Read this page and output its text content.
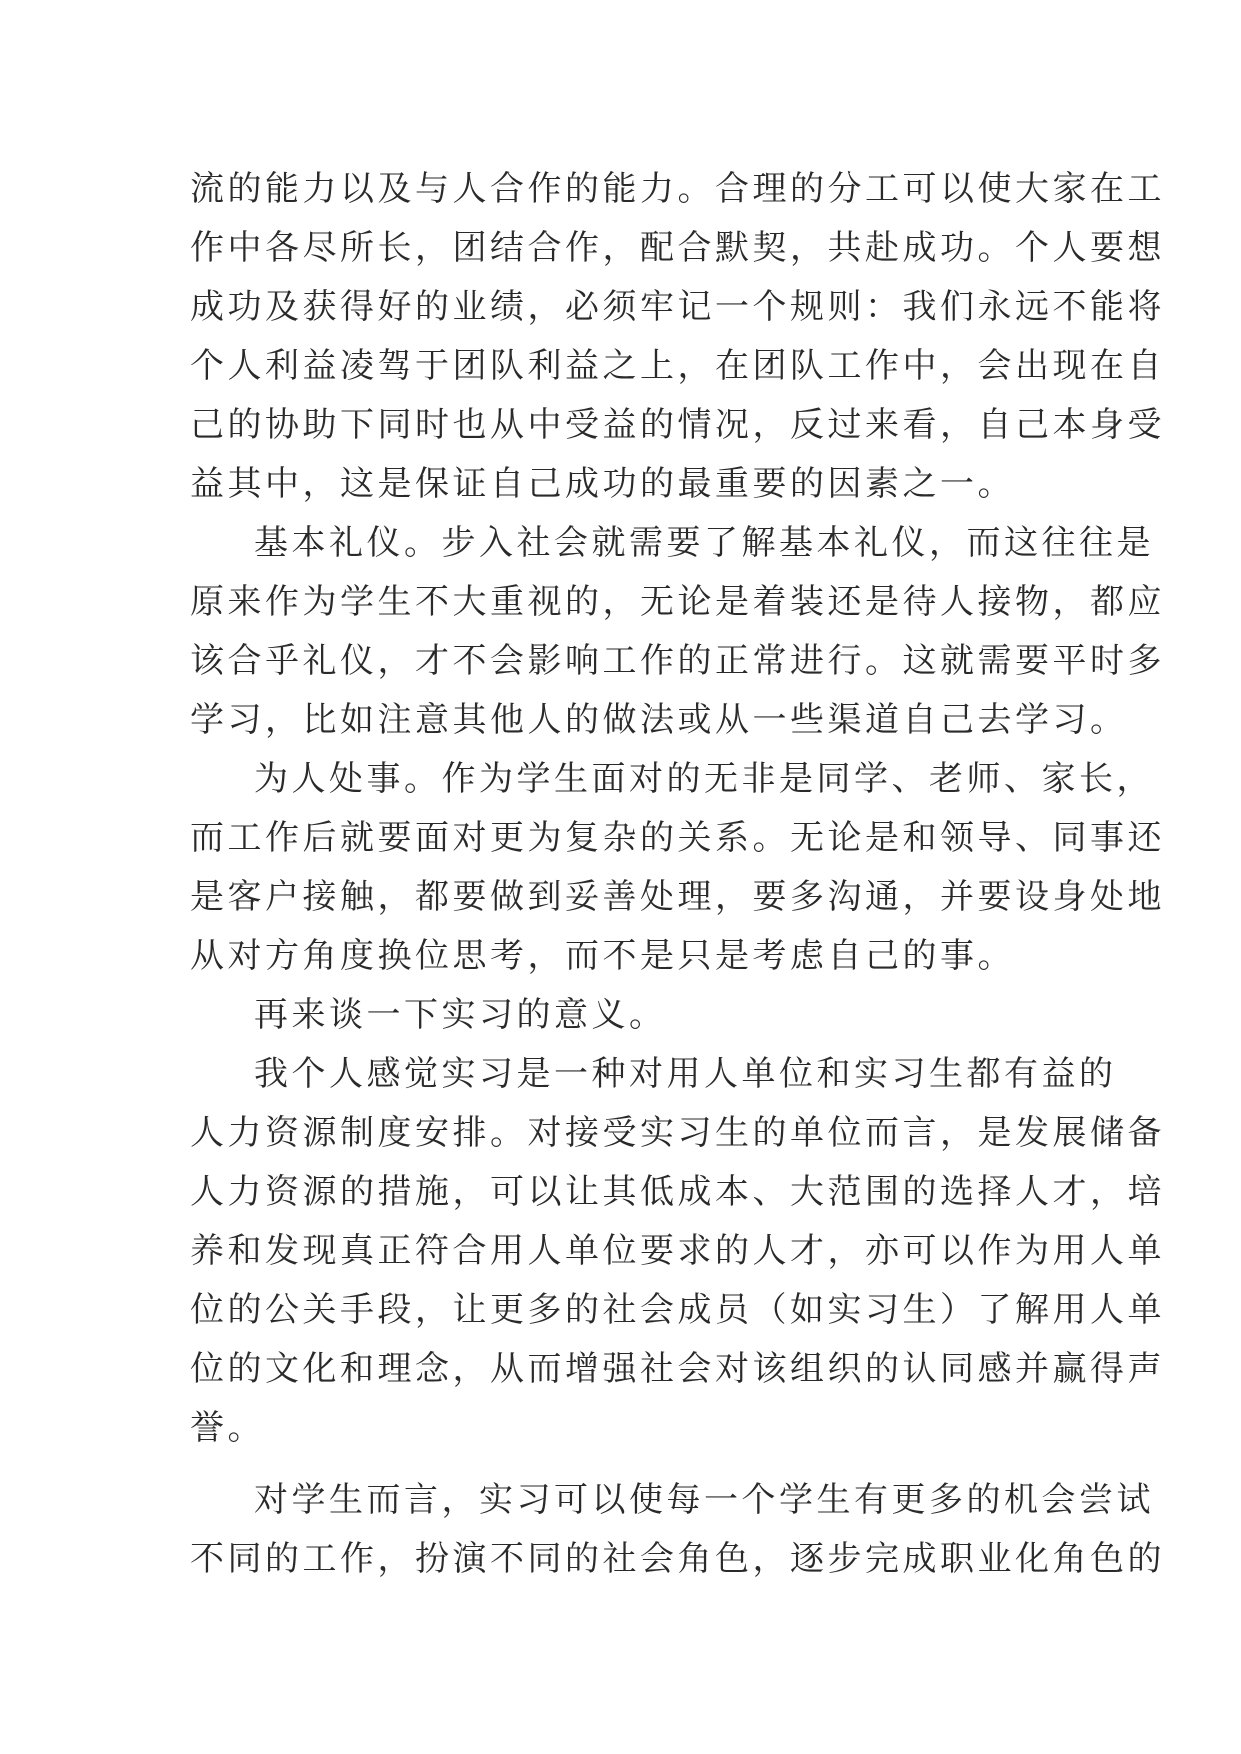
流的能力以及与人合作的能力。合理的分工可以使大家在工
作中各尽所长，团结合作，配合默契，共赴成功。个人要想
成功及获得好的业绩，必须牢记一个规则：我们永远不能将
个人利益凌驾于团队利益之上，在团队工作中，会出现在自
己的协助下同时也从中受益的情况，反过来看，自己本身受
益其中，这是保证自己成功的最重要的因素之一。
基本礼仪。步入社会就需要了解基本礼仪，而这往往是
原来作为学生不大重视的，无论是着装还是待人接物，都应
该合乎礼仪，才不会影响工作的正常进行。这就需要平时多
学习，比如注意其他人的做法或从一些渠道自己去学习。
为人处事。作为学生面对的无非是同学、老师、家长，
而工作后就要面对更为复杂的关系。无论是和领导、同事还
是客户接触，都要做到妥善处理，要多沟通，并要设身处地
从对方角度换位思考，而不是只是考虑自己的事。
再来谈一下实习的意义。
我个人感觉实习是一种对用人单位和实习生都有益的
人力资源制度安排。对接受实习生的单位而言，是发展储备
人力资源的措施，可以让其低成本、大范围的选择人才，培
养和发现真正符合用人单位要求的人才，亦可以作为用人单
位的公关手段，让更多的社会成员（如实习生）了解用人单
位的文化和理念，从而增强社会对该组织的认同感并赢得声
誉。
对学生而言，实习可以使每一个学生有更多的机会尝试
不同的工作，扮演不同的社会角色，逐步完成职业化角色的
